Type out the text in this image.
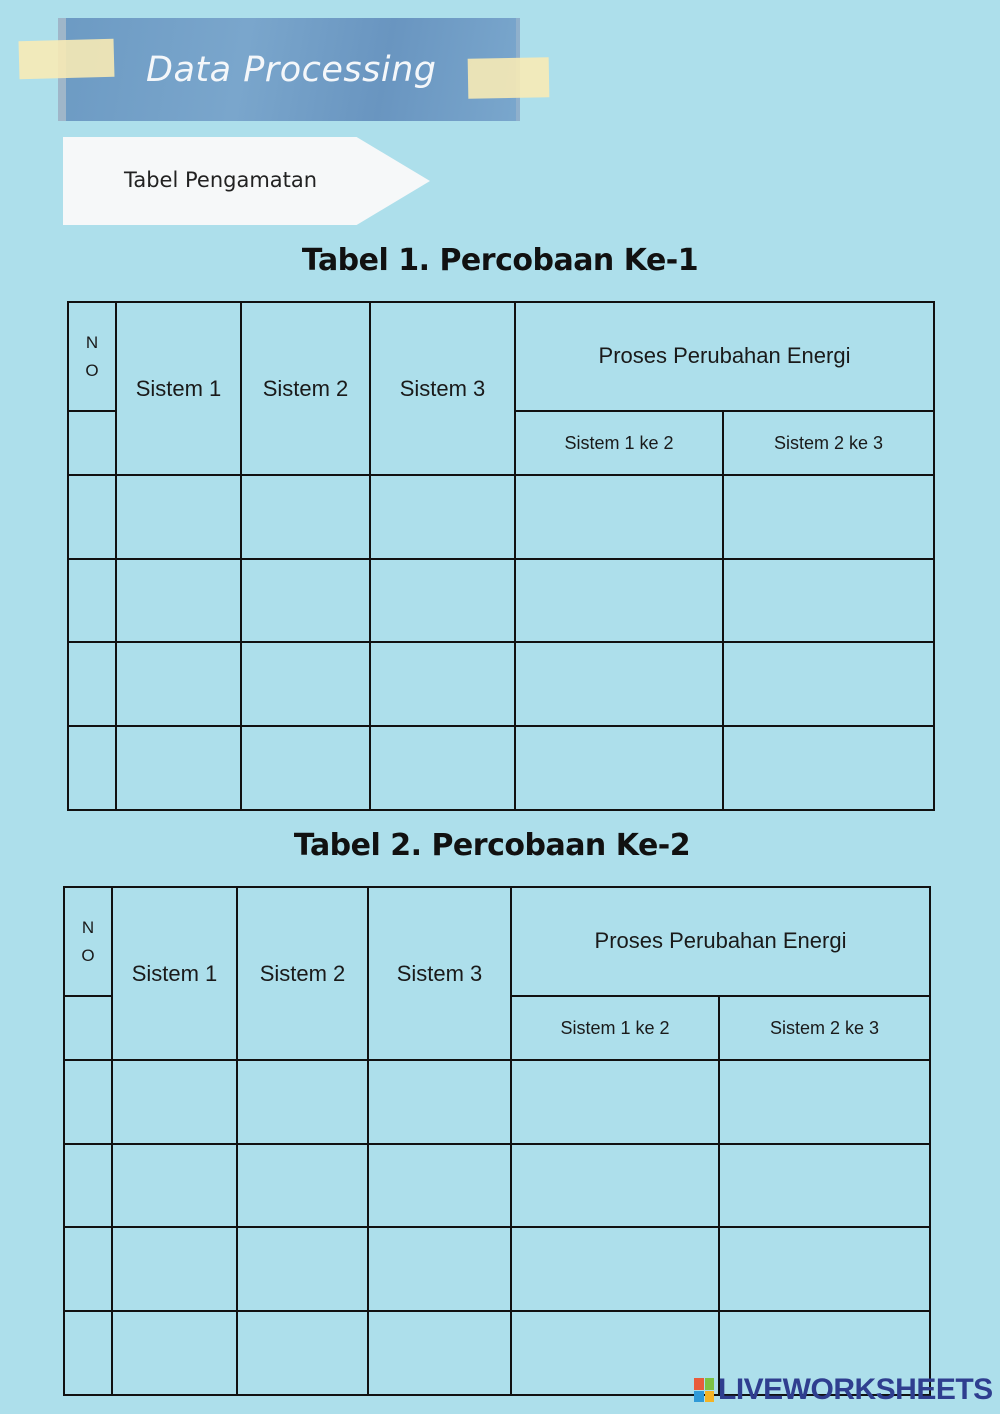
Data Processing
Tabel Pengamatan
Tabel 1. Percobaan Ke-1
N
O	Sistem 1	Sistem 2	Sistem 3	Proses Perubahan Energi	
				Sistem 1 ke 2	Sistem 2 ke 3

Tabel 2. Percobaan Ke-2
N
O	Sistem 1	Sistem 2	Sistem 3	Proses Perubahan Energi	
				Sistem 1 ke 2	Sistem 2 ke 3

LIVEWORKSHEETS
